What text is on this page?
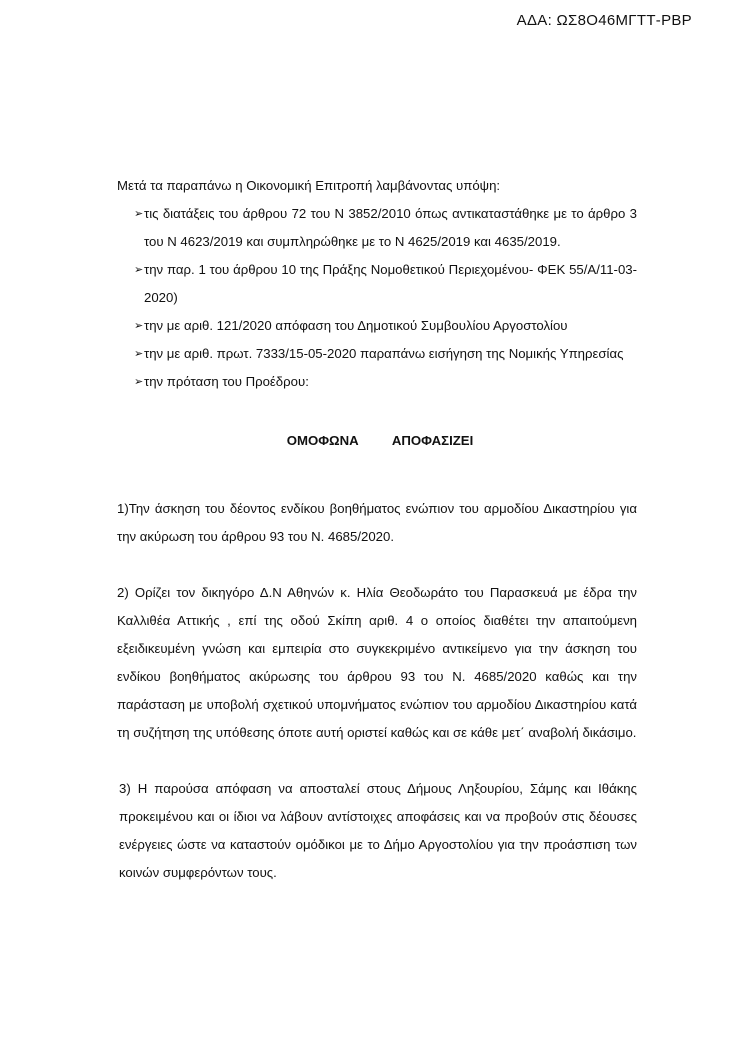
ΑΔΑ: ΩΣ8Ο46ΜΓΤΤ-ΡΒΡ

Μετά τα παραπάνω η Οικονομική Επιτροπή λαμβάνοντας υπόψη:

➢ τις διατάξεις του άρθρου 72 του Ν 3852/2010 όπως αντικαταστάθηκε με το άρθρο 3 του Ν 4623/2019 και συμπληρώθηκε με το Ν 4625/2019 και 4635/2019.
➢ την παρ. 1 του άρθρου 10 της Πράξης Νομοθετικού Περιεχομένου- ΦΕΚ 55/Α/11-03-2020)
➢ την με αριθ. 121/2020 απόφαση του Δημοτικού Συμβουλίου Αργοστολίου
➢ την με αριθ. πρωτ. 7333/15-05-2020 παραπάνω εισήγηση της Νομικής Υπηρεσίας
➢ την πρόταση του Προέδρου:

ΟΜΟΦΩΝΑ ΑΠΟΦΑΣΙΖΕΙ

1)Την άσκηση του δέοντος ενδίκου βοηθήματος ενώπιον του αρμοδίου Δικαστηρίου για την ακύρωση του άρθρου 93 του Ν. 4685/2020.

2) Ορίζει τον δικηγόρο Δ.Ν Αθηνών κ. Ηλία Θεοδωράτο του Παρασκευά με έδρα την Καλλιθέα Αττικής , επί της οδού Σκίπη αριθ. 4 ο οποίος διαθέτει την απαιτούμενη εξειδικευμένη γνώση και εμπειρία στο συγκεκριμένο αντικείμενο για την άσκηση του ενδίκου βοηθήματος ακύρωσης του άρθρου 93 του Ν. 4685/2020 καθώς και την παράσταση με υποβολή σχετικού υπομνήματος ενώπιον του αρμοδίου Δικαστηρίου κατά τη συζήτηση της υπόθεσης όποτε αυτή οριστεί καθώς και σε κάθε μετ΄ αναβολή δικάσιμο.

3) Η παρούσα απόφαση να αποσταλεί στους Δήμους Ληξουρίου, Σάμης και Ιθάκης προκειμένου και οι ίδιοι να λάβουν αντίστοιχες αποφάσεις και να προβούν στις δέουσες ενέργειες ώστε να καταστούν ομόδικοι με το Δήμο Αργοστολίου για την προάσπιση των κοινών συμφερόντων τους.
